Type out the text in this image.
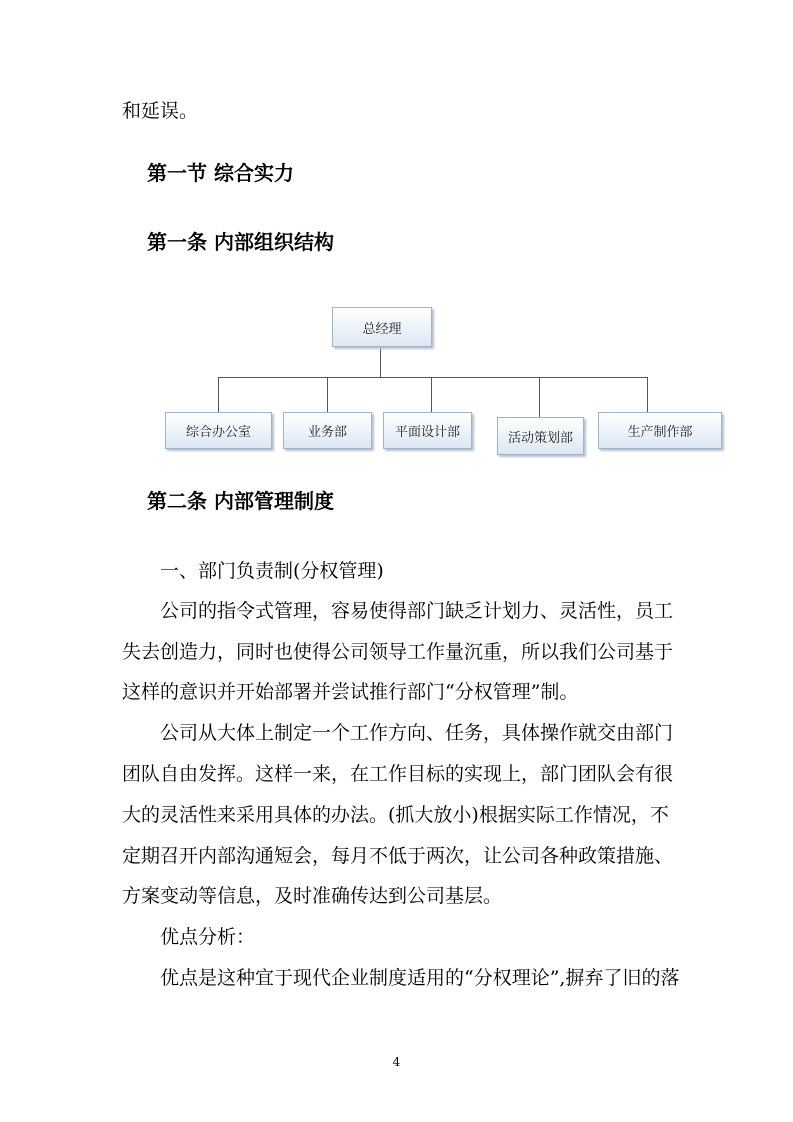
和延误。
第一节 综合实力
第一条 内部组织结构
总经理
综合办公室	业务部	平面设计部	活动策划部	生产制作部
第二条 内部管理制度
一、部门负责制(分权管理)
公司的指令式管理，容易使得部门缺乏计划力、灵活性，员工
失去创造力，同时也使得公司领导工作量沉重，所以我们公司基于
这样的意识并开始部署并尝试推行部门“分权管理”制。
公司从大体上制定一个工作方向、任务，具体操作就交由部门
团队自由发挥。这样一来，在工作目标的实现上，部门团队会有很
大的灵活性来采用具体的办法。(抓大放小)根据实际工作情况，不
定期召开内部沟通短会，每月不低于两次，让公司各种政策措施、
方案变动等信息，及时准确传达到公司基层。
优点分析：
优点是这种宜于现代企业制度适用的“分权理论”,摒弃了旧的落
4
